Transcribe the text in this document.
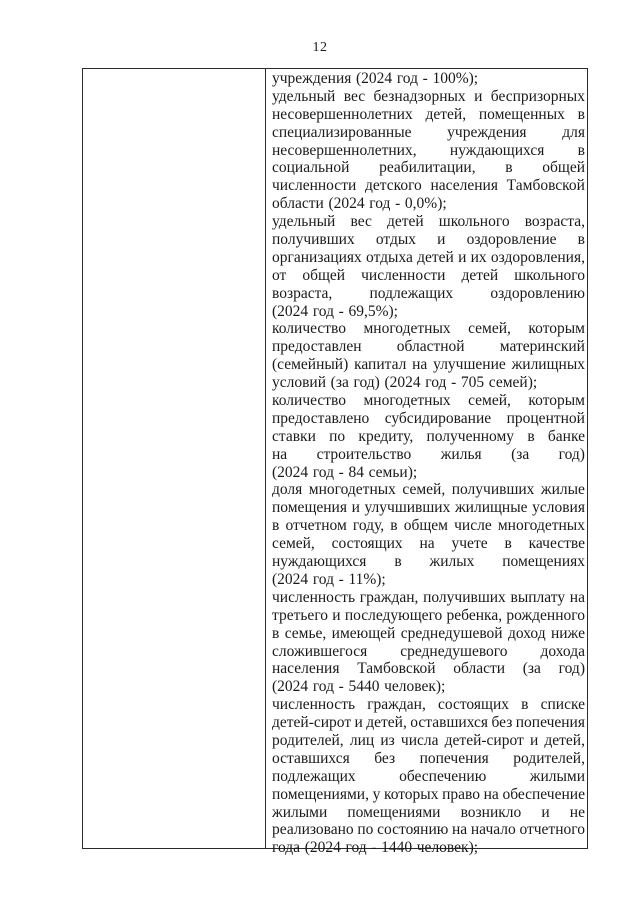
12
учреждения (2024 год - 100%);
удельный вес безнадзорных и беспризорных
несовершеннолетних детей, помещенных в
специализированные учреждения для
несовершеннолетних, нуждающихся в
социальной реабилитации, в общей
численности детского населения Тамбовской
области (2024 год - 0,0%);
удельный вес детей школьного возраста,
получивших отдых и оздоровление в
организациях отдыха детей и их оздоровления,
от общей численности детей школьного
возраста, подлежащих оздоровлению
(2024 год - 69,5%);
количество многодетных семей, которым
предоставлен областной материнский
(семейный) капитал на улучшение жилищных
условий (за год) (2024 год - 705 семей);
количество многодетных семей, которым
предоставлено субсидирование процентной
ставки по кредиту, полученному в банке
на строительство жилья (за год)
(2024 год - 84 семьи);
доля многодетных семей, получивших жилые
помещения и улучшивших жилищные условия
в отчетном году, в общем числе многодетных
семей, состоящих на учете в качестве
нуждающихся в жилых помещениях
(2024 год - 11%);
численность граждан, получивших выплату на
третьего и последующего ребенка, рожденного
в семье, имеющей среднедушевой доход ниже
сложившегося среднедушевого дохода
населения Тамбовской области (за год)
(2024 год - 5440 человек);
численность граждан, состоящих в списке
детей-сирот и детей, оставшихся без попечения
родителей, лиц из числа детей-сирот и детей,
оставшихся без попечения родителей,
подлежащих	обеспечению	жилыми
помещениями, у которых право на обеспечение
жилыми помещениями возникло и не
реализовано по состоянию на начало отчетного
года (2024 год - 1440 человек);
